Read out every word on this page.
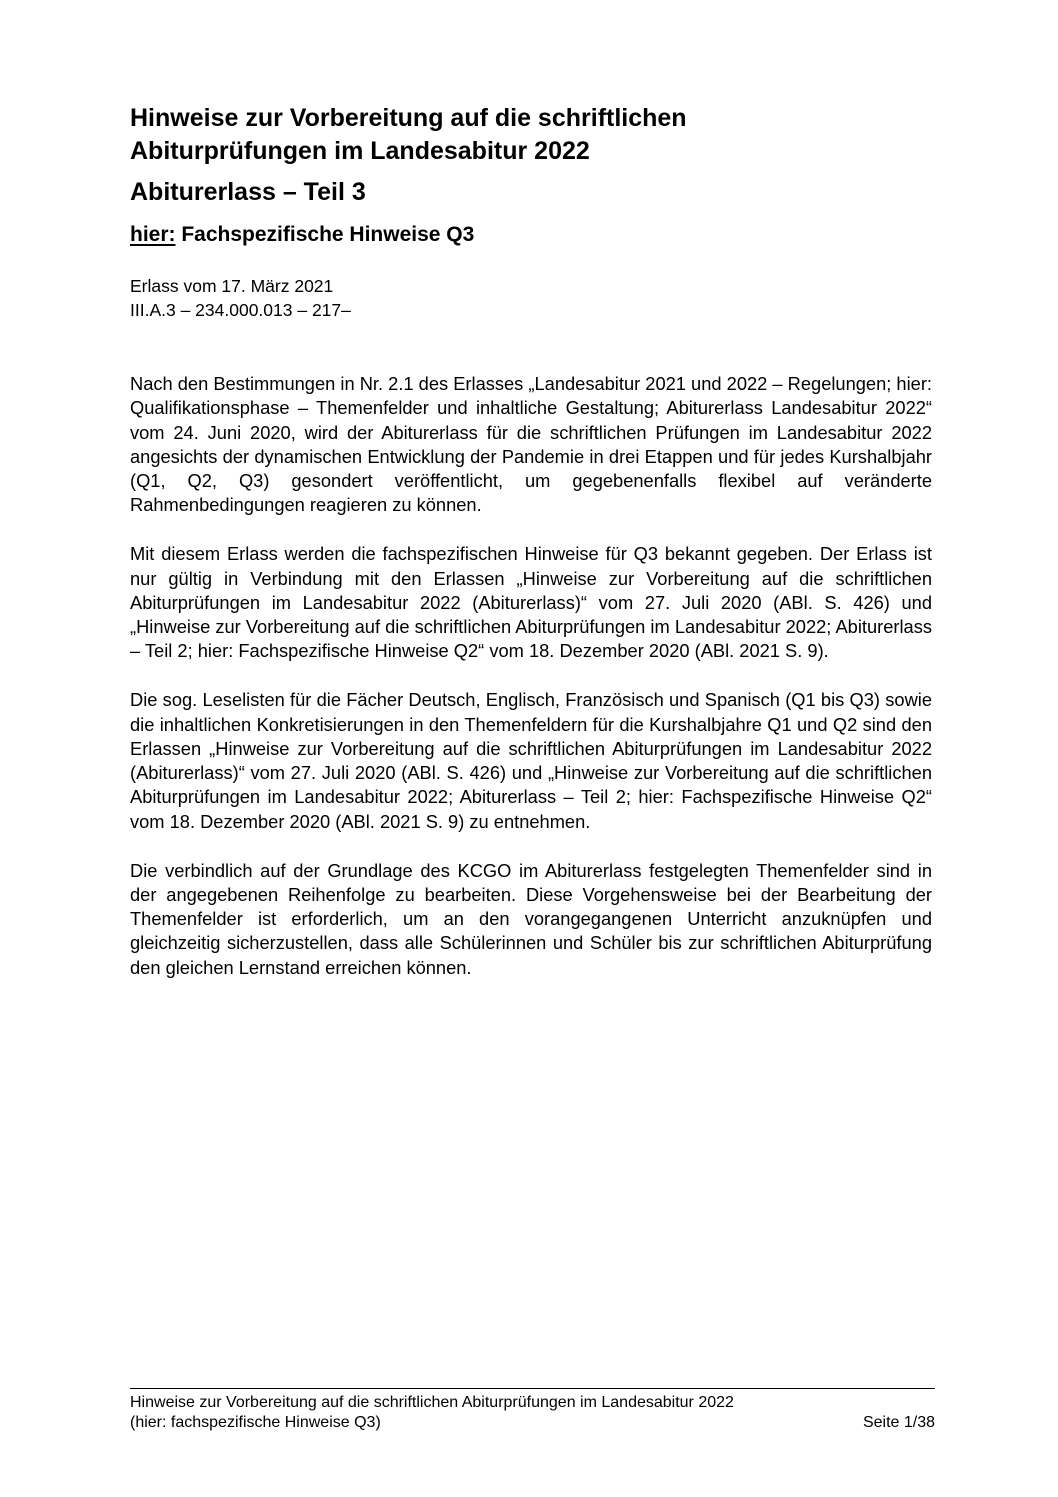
Hinweise zur Vorbereitung auf die schriftlichen
Abiturprüfungen im Landesabitur 2022
Abiturerlass – Teil 3
hier: Fachspezifische Hinweise Q3
Erlass vom 17. März 2021
III.A.3 – 234.000.013 – 217–

Nach den Bestimmungen in Nr. 2.1 des Erlasses „Landesabitur 2021 und 2022 – Regelungen; hier: Qualifikationsphase – Themenfelder und inhaltliche Gestaltung; Abiturerlass Landesabitur 2022“ vom 24. Juni 2020, wird der Abiturerlass für die schriftlichen Prüfungen im Landesabitur 2022 angesichts der dynamischen Entwicklung der Pandemie in drei Etappen und für jedes Kurshalbjahr (Q1, Q2, Q3) gesondert veröffentlicht, um gegebenenfalls flexibel auf veränderte Rahmenbedingungen reagieren zu können.

Mit diesem Erlass werden die fachspezifischen Hinweise für Q3 bekannt gegeben. Der Erlass ist nur gültig in Verbindung mit den Erlassen „Hinweise zur Vorbereitung auf die schriftlichen Abiturprüfungen im Landesabitur 2022 (Abiturerlass)“ vom 27. Juli 2020 (ABl. S. 426) und „Hinweise zur Vorbereitung auf die schriftlichen Abiturprüfungen im Landesabitur 2022; Abiturerlass – Teil 2; hier: Fachspezifische Hinweise Q2“ vom 18. Dezember 2020 (ABl. 2021 S. 9).

Die sog. Leselisten für die Fächer Deutsch, Englisch, Französisch und Spanisch (Q1 bis Q3) sowie die inhaltlichen Konkretisierungen in den Themenfeldern für die Kurshalbjahre Q1 und Q2 sind den Erlassen „Hinweise zur Vorbereitung auf die schriftlichen Abiturprüfungen im Landesabitur 2022 (Abiturerlass)“ vom 27. Juli 2020 (ABl. S. 426) und „Hinweise zur Vorbereitung auf die schriftlichen Abiturprüfungen im Landesabitur 2022; Abiturerlass – Teil 2; hier: Fachspezifische Hinweise Q2“ vom 18. Dezember 2020 (ABl. 2021 S. 9) zu entnehmen.

Die verbindlich auf der Grundlage des KCGO im Abiturerlass festgelegten Themenfelder sind in der angegebenen Reihenfolge zu bearbeiten. Diese Vorgehensweise bei der Bearbeitung der Themenfelder ist erforderlich, um an den vorangegangenen Unterricht anzuknüpfen und gleichzeitig sicherzustellen, dass alle Schülerinnen und Schüler bis zur schriftlichen Abiturprüfung den gleichen Lernstand erreichen können.

Hinweise zur Vorbereitung auf die schriftlichen Abiturprüfungen im Landesabitur 2022
(hier: fachspezifische Hinweise Q3)	Seite 1/38
